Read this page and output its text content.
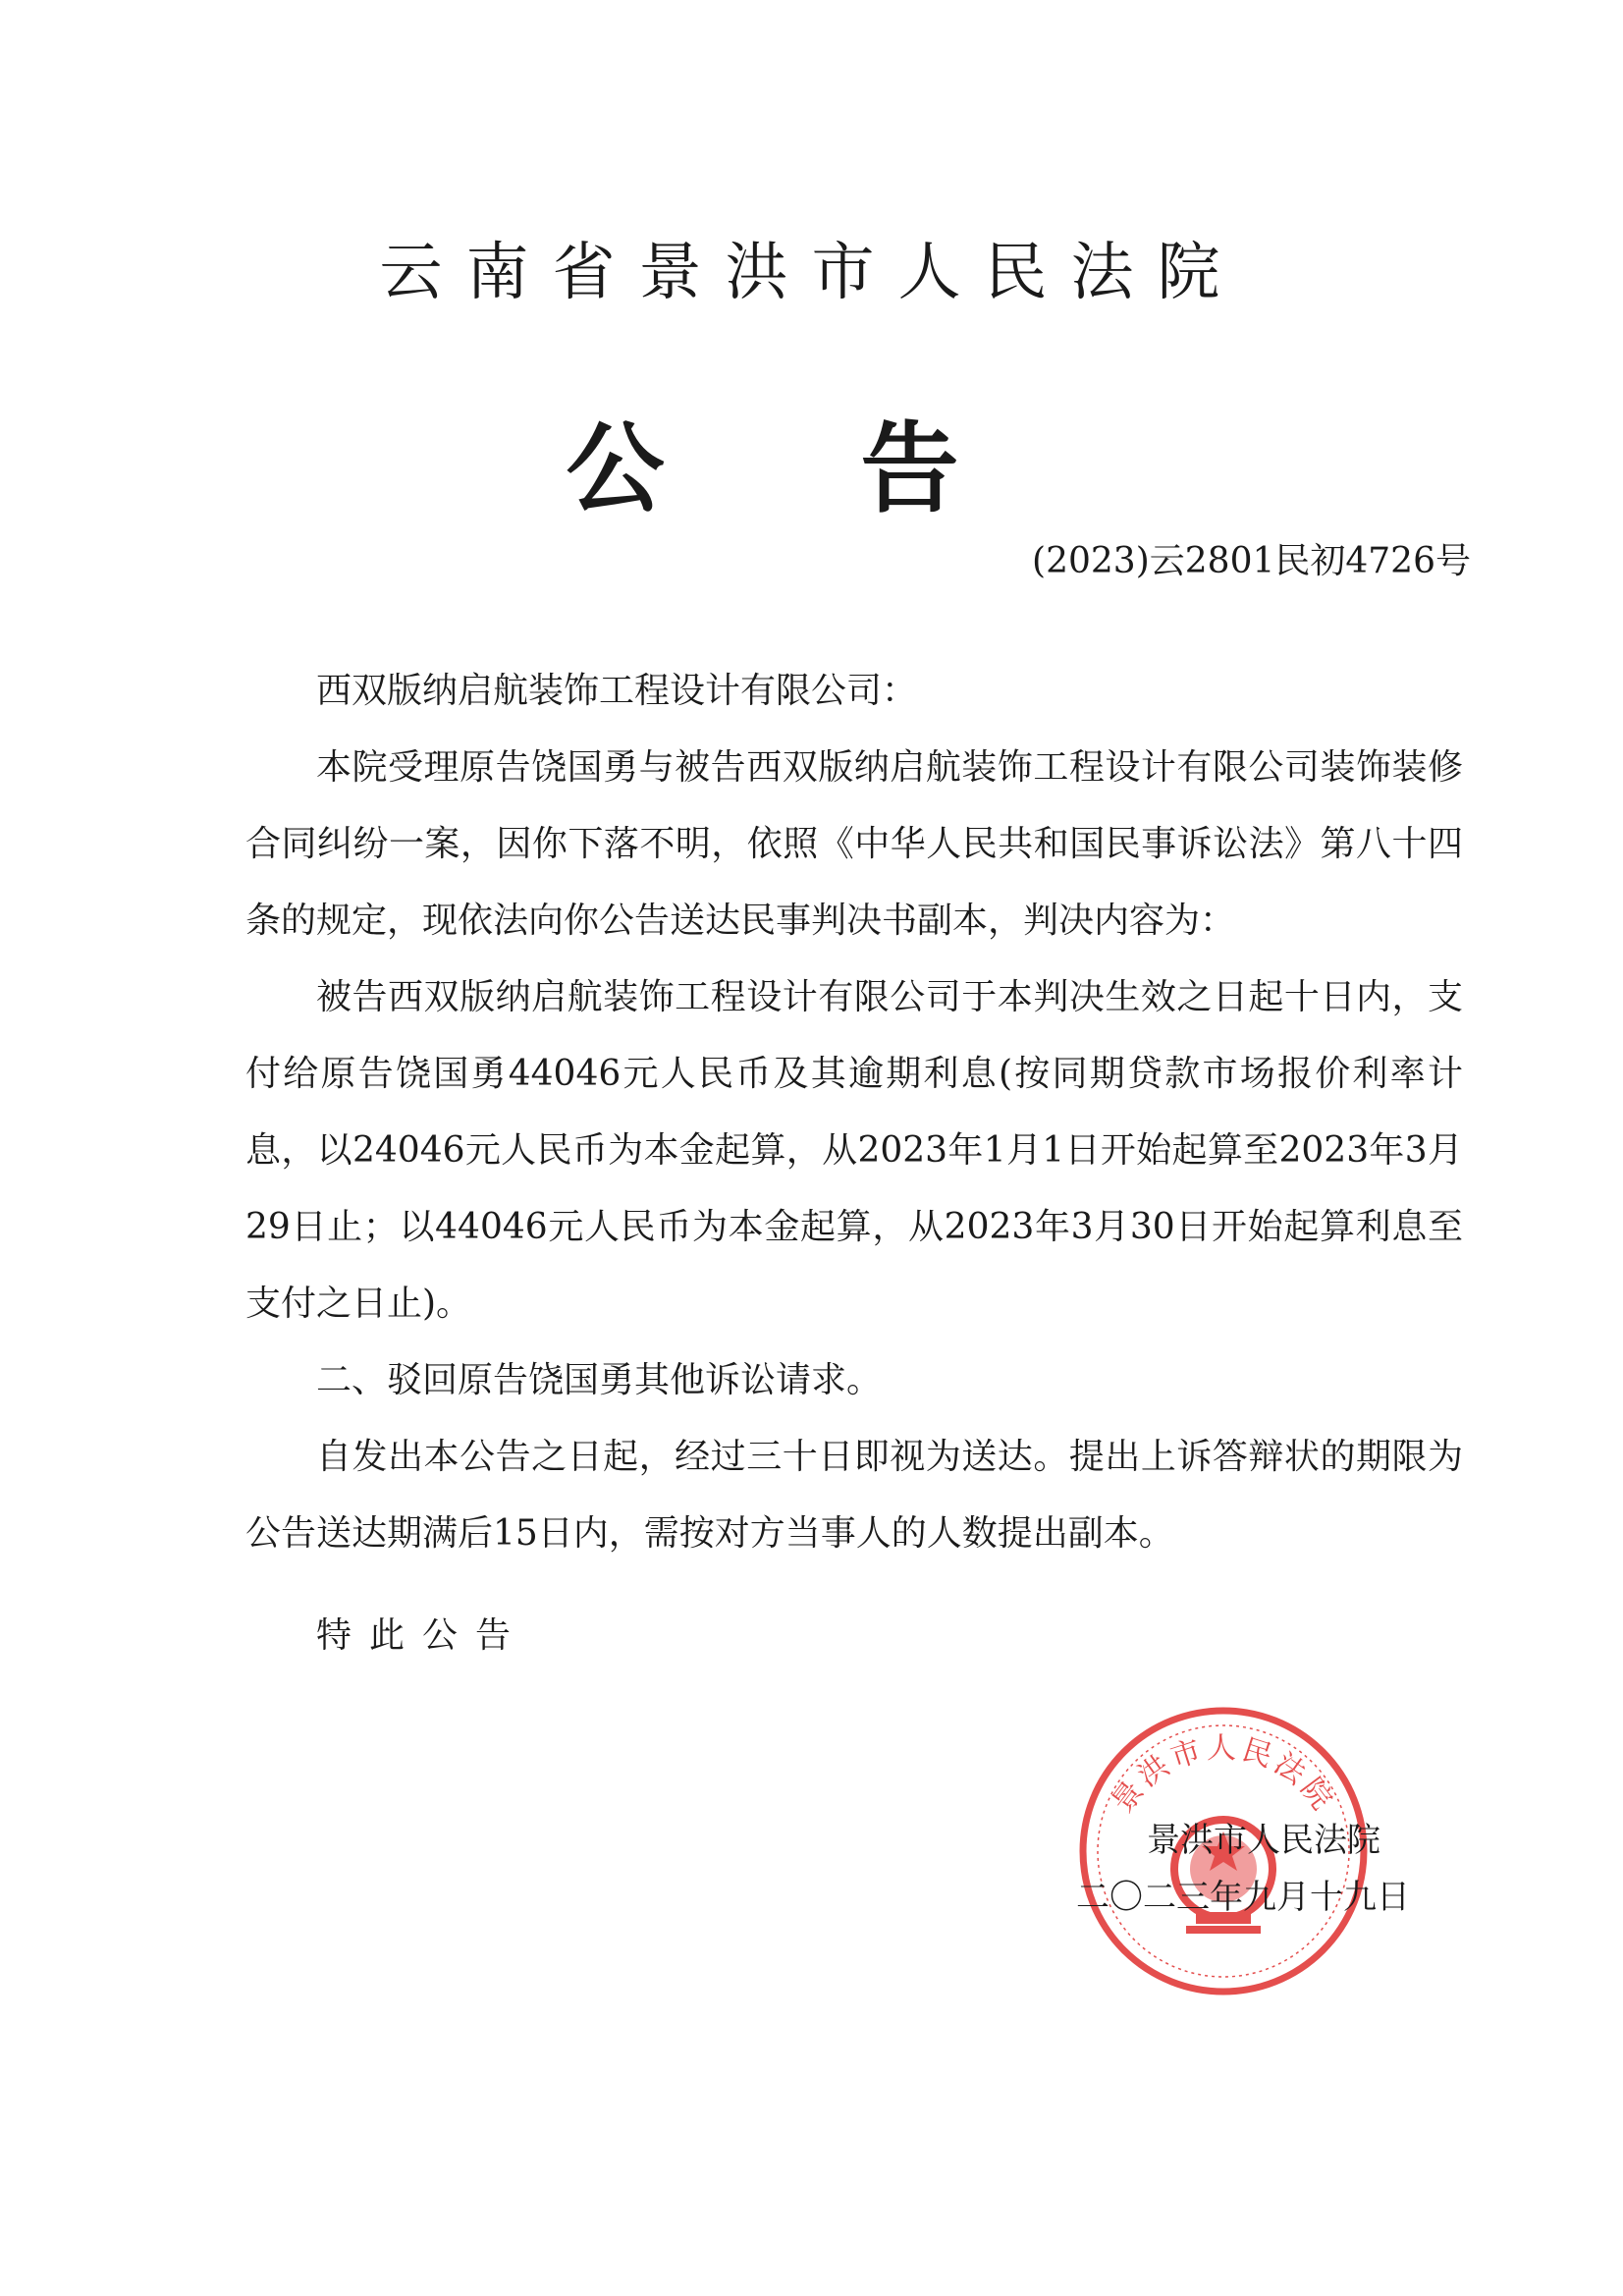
云南省景洪市人民法院
公告
(2023)云2801民初4726号

西双版纳启航装饰工程设计有限公司：

本院受理原告饶国勇与被告西双版纳启航装饰工程设计有限公司装饰装修合同纠纷一案，因你下落不明，依照《中华人民共和国民事诉讼法》第八十四条的规定，现依法向你公告送达民事判决书副本，判决内容为：

被告西双版纳启航装饰工程设计有限公司于本判决生效之日起十日内，支付给原告饶国勇44046元人民币及其逾期利息(按同期贷款市场报价利率计息，以24046元人民币为本金起算，从2023年1月1日开始起算至2023年3月29日止；以44046元人民币为本金起算，从2023年3月30日开始起算利息至支付之日止)。

二、驳回原告饶国勇其他诉讼请求。

自发出本公告之日起，经过三十日即视为送达。提出上诉答辩状的期限为公告送达期满后15日内，需按对方当事人的人数提出副本。

特此公告
景洪市人民法院
景洪市人民法院
二〇二三年九月十九日
